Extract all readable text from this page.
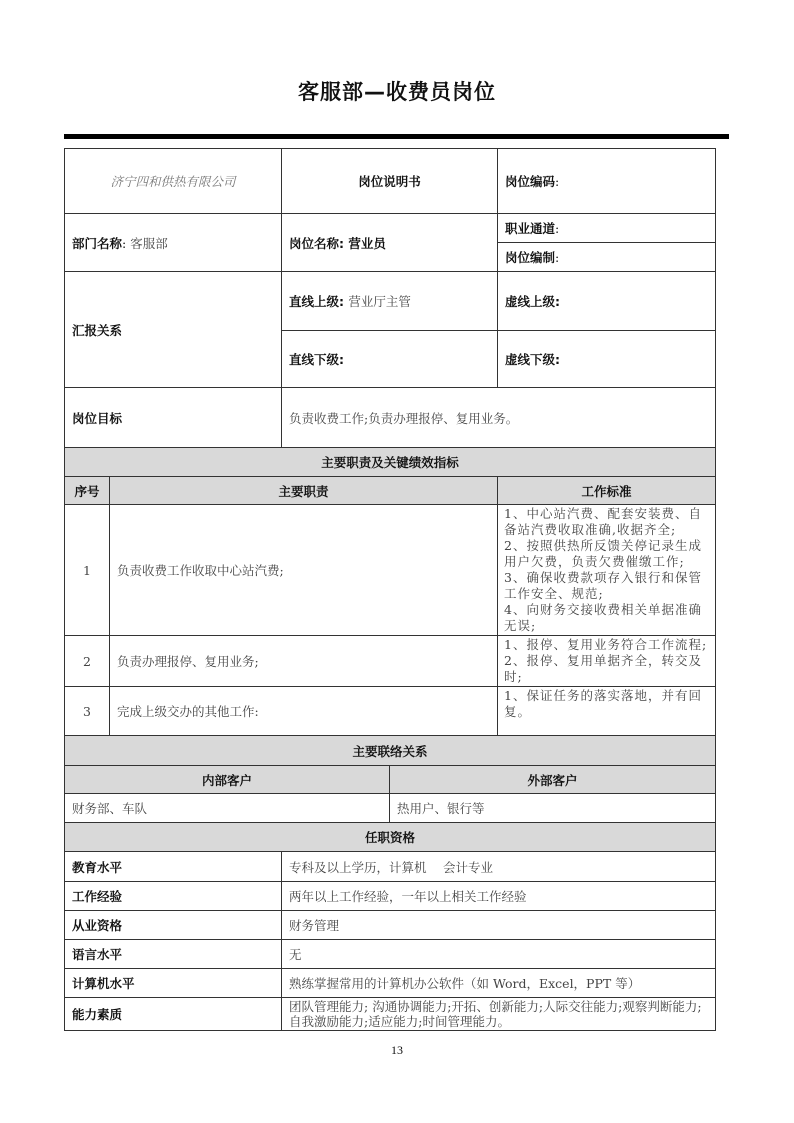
客服部—收费员岗位
济宁四和供热有限公司		岗位说明书		岗位编码:
部门名称: 客服部		岗位名称: 营业员		职业通道:
				岗位编制:
汇报关系		直线上级: 营业厅主管		虚线上级:
		直线下级:		虚线下级:
岗位目标		负责收费工作;负责办理报停、复用业务。		
主要职责及关键绩效指标				
序号	主要职责			工作标准
1	负责收费工作收取中心站汽费;			1、中心站汽费、配套安装费、自备站汽费收取准确,收据齐全;
2、按照供热所反馈关停记录生成用户欠费，负责欠费催缴工作;
3、确保收费款项存入银行和保管工作安全、规范;
4、向财务交接收费相关单据准确无误;
2	负责办理报停、复用业务;			1、报停、复用业务符合工作流程;
2、报停、复用单据齐全，转交及时;
3	完成上级交办的其他工作:			1、保证任务的落实落地，并有回复。
主要联络关系				
内部客户			外部客户	
财务部、车队			热用户、银行等	
任职资格				
教育水平		专科及以上学历，计算机　 会计专业		
工作经验		两年以上工作经验，一年以上相关工作经验		
从业资格		财务管理		
语言水平		无		
计算机水平		熟练掌握常用的计算机办公软件（如 Word，Excel，PPT 等）		
能力素质		团队管理能力; 沟通协调能力;开拓、创新能力;人际交往能力;观察判断能力;自我激励能力;适应能力;时间管理能力。		
13
